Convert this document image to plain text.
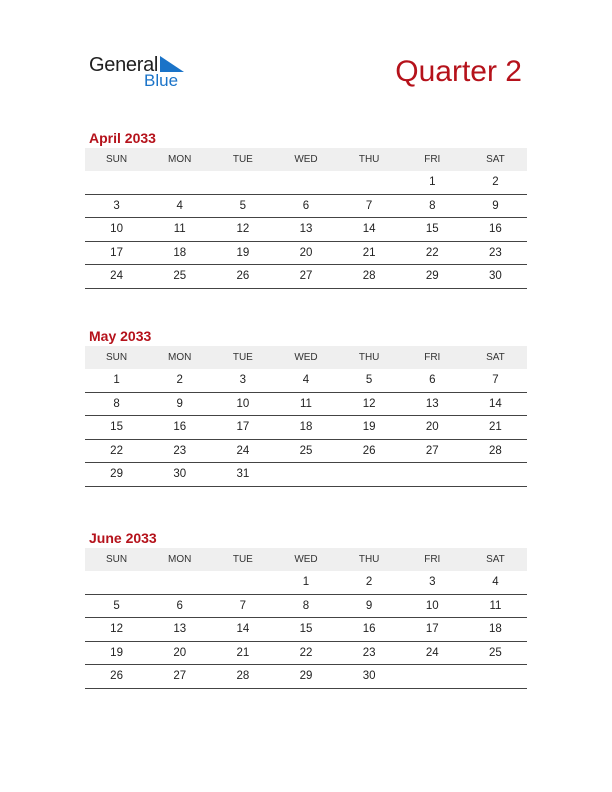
General
Blue	Quarter 2
April 2033
SUN	MON	TUE	WED	THU	FRI	SAT
					1	2
3	4	5	6	7	8	9
10	11	12	13	14	15	16
17	18	19	20	21	22	23
24	25	26	27	28	29	30
May 2033
SUN	MON	TUE	WED	THU	FRI	SAT
1	2	3	4	5	6	7
8	9	10	11	12	13	14
15	16	17	18	19	20	21
22	23	24	25	26	27	28
29	30	31				
June 2033
SUN	MON	TUE	WED	THU	FRI	SAT
			1	2	3	4
5	6	7	8	9	10	11
12	13	14	15	16	17	18
19	20	21	22	23	24	25
26	27	28	29	30		
